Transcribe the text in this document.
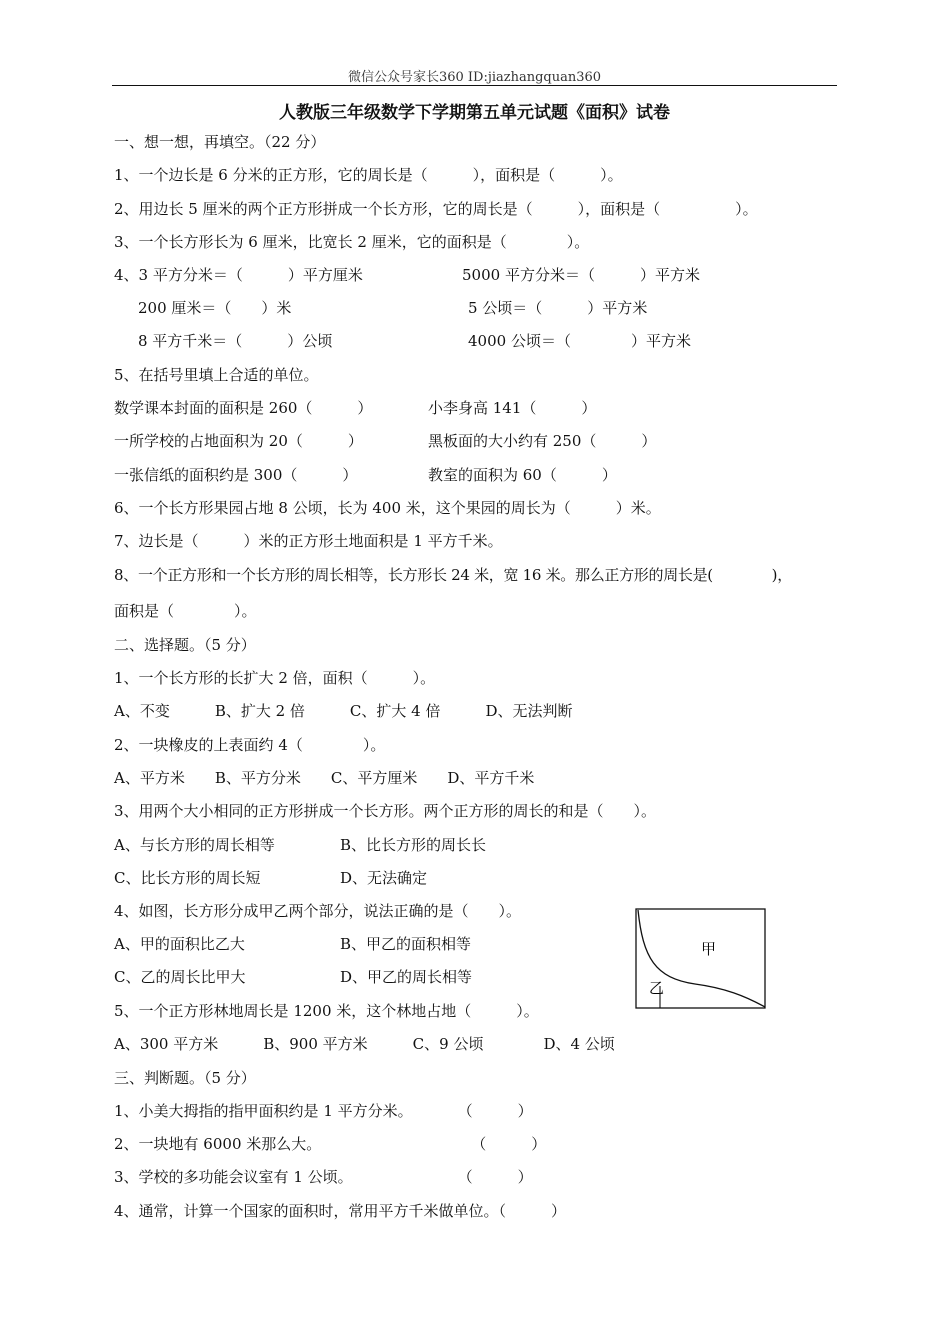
微信公众号家长360 ID:jiazhangquan360
人教版三年级数学下学期第五单元试题《面积》试卷
一、想一想，再填空。（22 分）
1、一个边长是 6 分米的正方形，它的周长是（　　　），面积是（　　　）。
2、用边长 5 厘米的两个正方形拼成一个长方形，它的周长是（　　　），面积是（　　　　　）。
3、一个长方形长为 6 厘米，比宽长 2 厘米，它的面积是（　　　　）。
4、3 平方分米＝（　　　）平方厘米	5000 平方分米＝（　　　）平方米
200 厘米＝（　　）米	5 公顷＝（　　　）平方米
8 平方千米＝（　　　）公顷	4000 公顷＝（　　　　）平方米
5、在括号里填上合适的单位。
数学课本封面的面积是 260（　　　）	小李身高 141（　　　）
一所学校的占地面积为 20（　　　）	黑板面的大小约有 250（　　　）
一张信纸的面积约是 300（　　　）	教室的面积为 60（　　　）
6、一个长方形果园占地 8 公顷，长为 400 米，这个果园的周长为（　　　）米。
7、边长是（　　　）米的正方形土地面积是 1 平方千米。
8、一个正方形和一个长方形的周长相等，长方形长 24 米，宽 16 米。那么正方形的周长是(　　　　)，
面积是（　　　　）。
二、选择题。（5 分）
1、一个长方形的长扩大 2 倍，面积（　　　）。
A、不变　　　B、扩大 2 倍　　　C、扩大 4 倍　　　D、无法判断
2、一块橡皮的上表面约 4（　　　　）。
A、平方米　　B、平方分米　　C、平方厘米　　D、平方千米
3、用两个大小相同的正方形拼成一个长方形。两个正方形的周长的和是（　　）。
A、与长方形的周长相等	B、比长方形的周长长
C、比长方形的周长短	D、无法确定
4、如图，长方形分成甲乙两个部分，说法正确的是（　　）。
A、甲的面积比乙大	B、甲乙的面积相等
C、乙的周长比甲大	D、甲乙的周长相等
5、一个正方形林地周长是 1200 米，这个林地占地（　　　）。
A、300 平方米　　　B、900 平方米　　　C、9 公顷　　　　D、4 公顷
甲
乙
三、判断题。（5 分）
1、小美大拇指的指甲面积约是 1 平方分米。　　　　（　　　）
2、一块地有 6000 米那么大。　　　　　　　　　　　（　　　）
3、学校的多功能会议室有 1 公顷。　　　　　　　　（　　　）
4、通常，计算一个国家的面积时，常用平方千米做单位。（　　　）
